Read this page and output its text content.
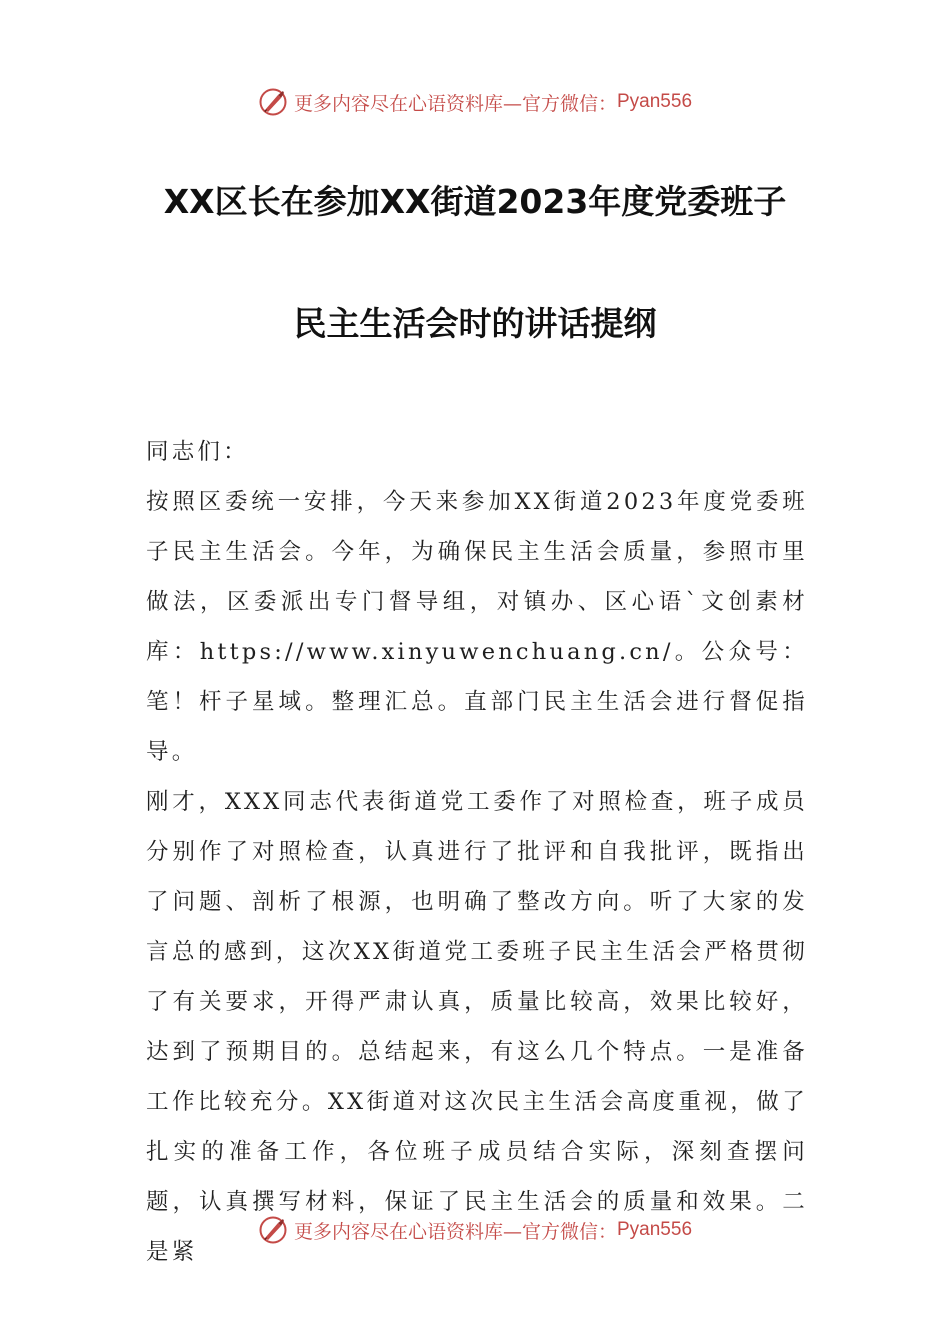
更多内容尽在心语资料库—官方微信： Pyan556
XX区长在参加XX街道2023年度党委班子
民主生活会时的讲话提纲

同志们：

按照区委统一安排，今天来参加XX街道2023年度党委班子民主生活会。今年，为确保民主生活会质量，参照市里做法，区委派出专门督导组，对镇办、区心语`文创素材库：https://www.xinyuwenchuang.cn/。公众号：笔！杆子星域。整理汇总。直部门民主生活会进行督促指导。

刚才，XXX同志代表街道党工委作了对照检查，班子成员分别作了对照检查，认真进行了批评和自我批评，既指出了问题、剖析了根源，也明确了整改方向。听了大家的发言总的感到，这次XX街道党工委班子民主生活会严格贯彻了有关要求，开得严肃认真，质量比较高，效果比较好，达到了预期目的。总结起来，有这么几个特点。一是准备工作比较充分。XX街道对这次民主生活会高度重视，做了扎实的准备工作，各位班子成员结合实际，深刻查摆问题，认真撰写材料，保证了民主生活会的质量和效果。二是紧

更多内容尽在心语资料库—官方微信： Pyan556
